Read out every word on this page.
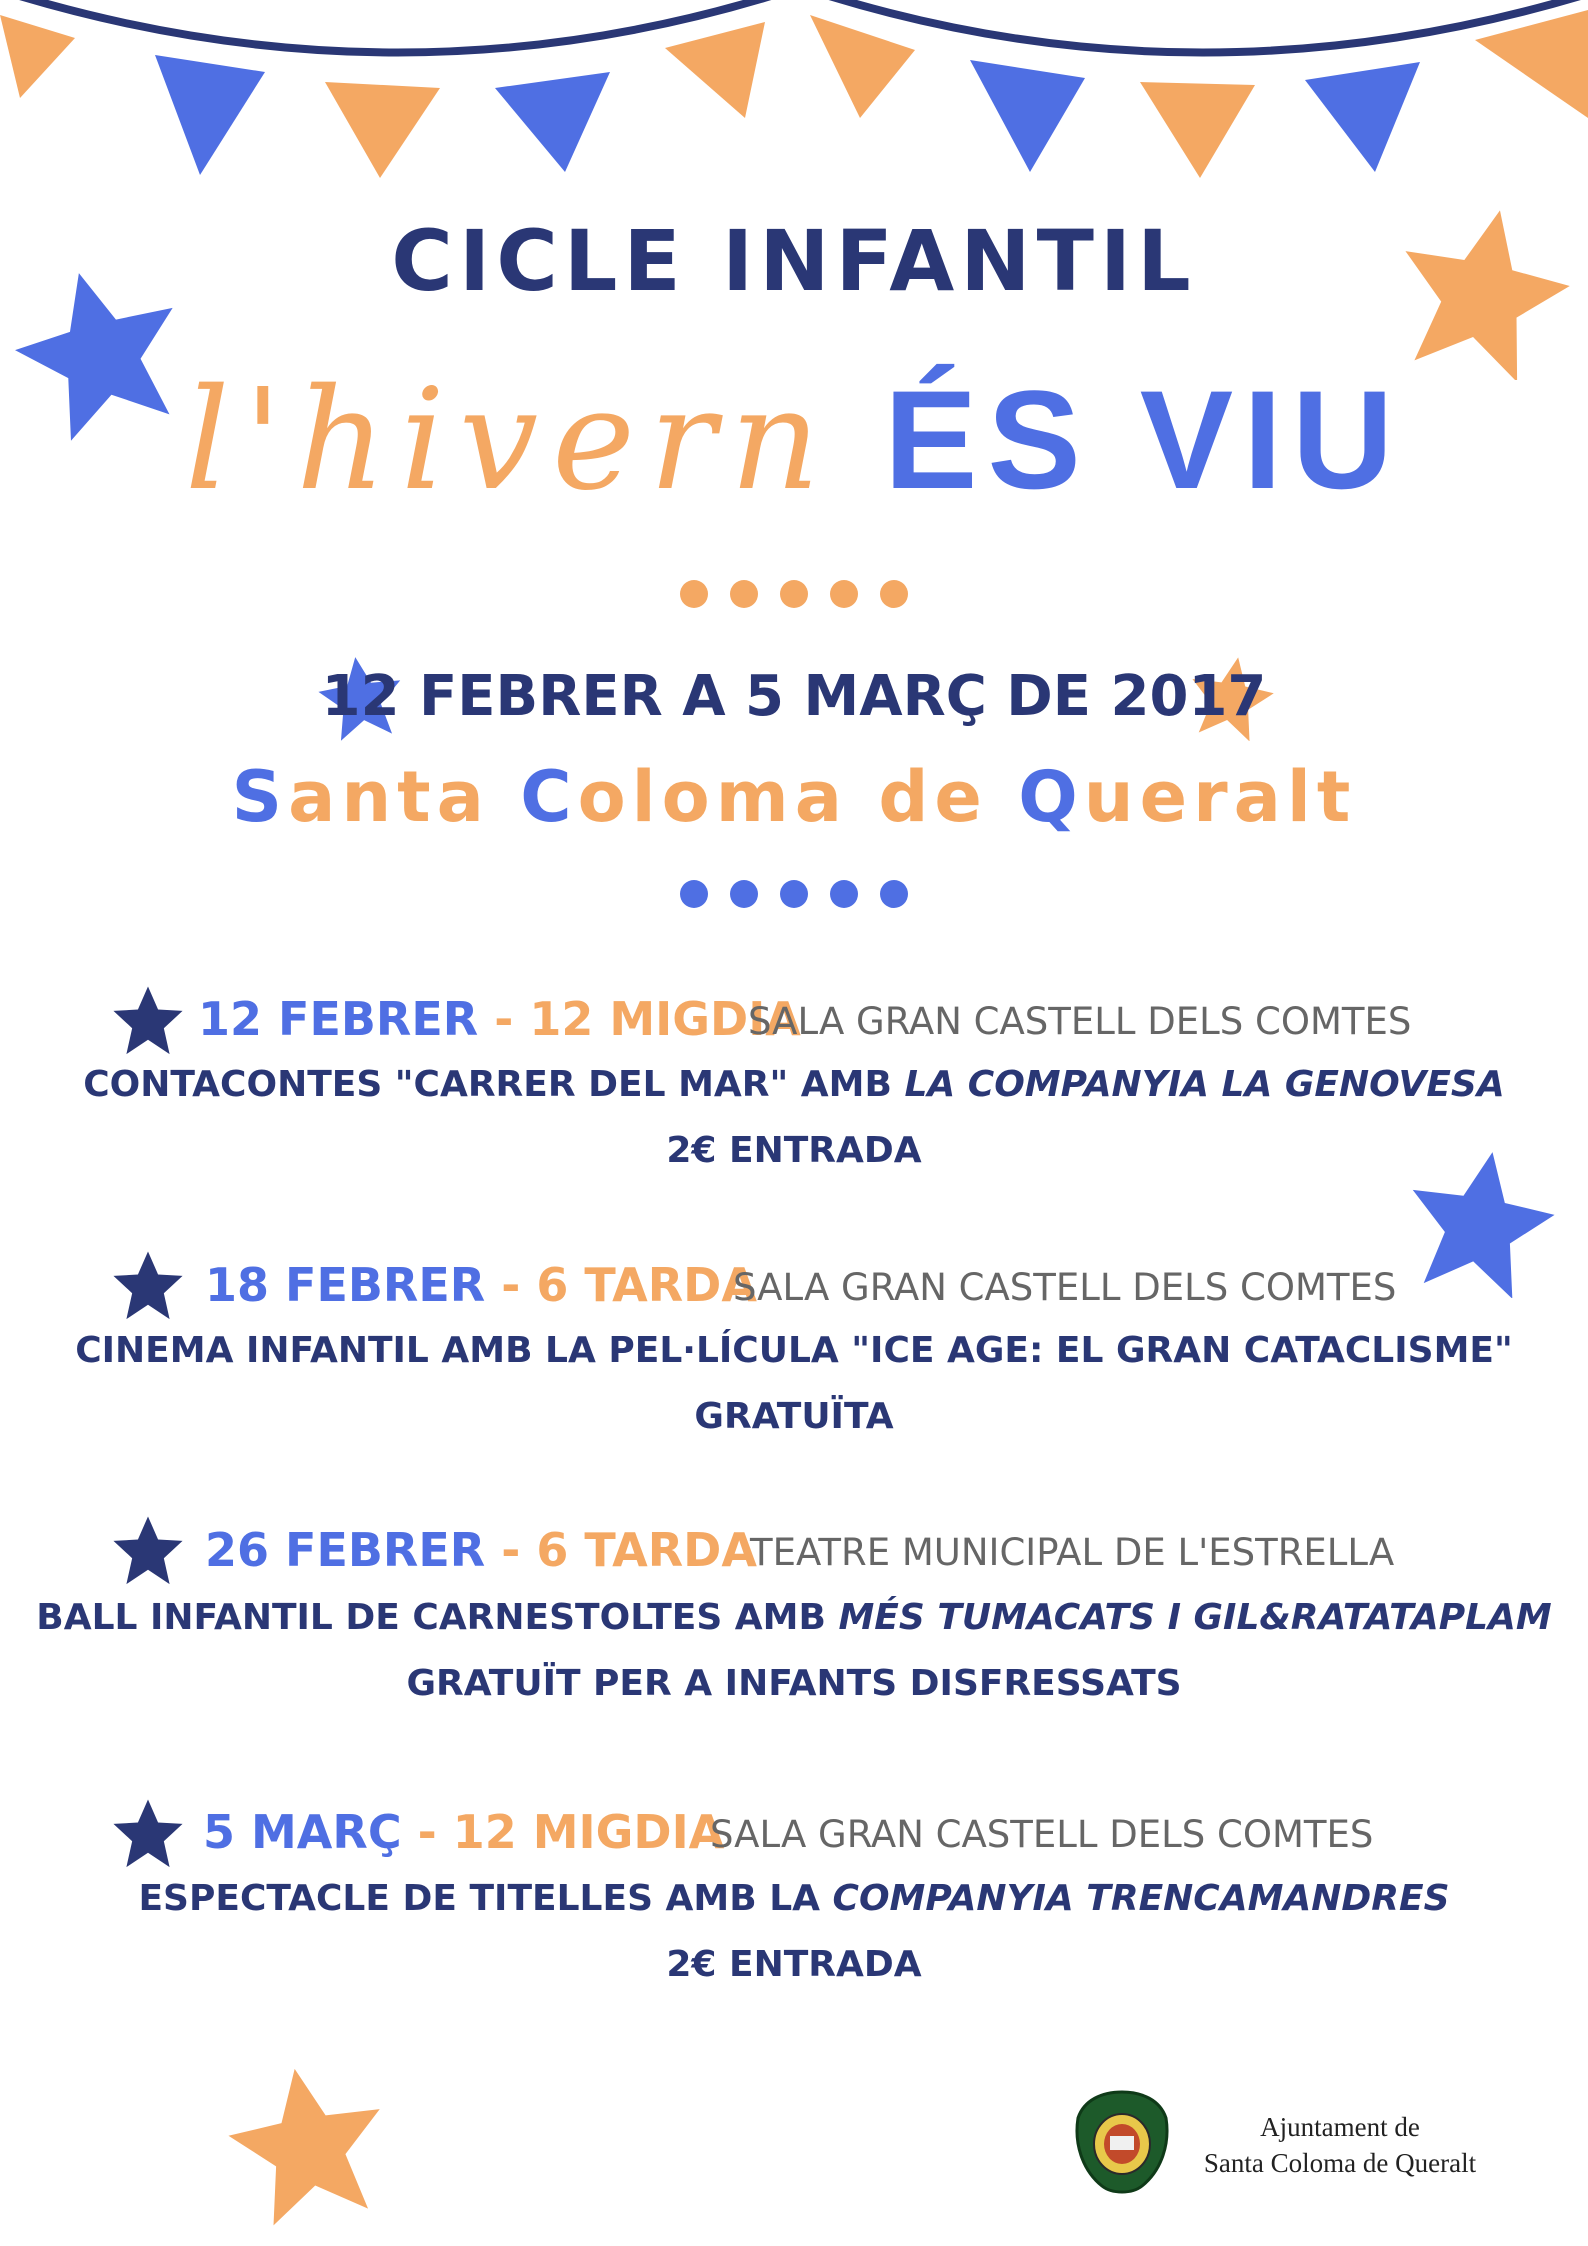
CICLE INFANTIL
l'hivern ÉS VIU
12 FEBRER A 5 MARÇ DE 2017
Santa Coloma de Queralt
12 FEBRER - 12 MIGDIA
SALA GRAN CASTELL DELS COMTES
CONTACONTES "CARRER DEL MAR" AMB LA COMPANYIA LA GENOVESA
2€ ENTRADA
18 FEBRER - 6 TARDA
SALA GRAN CASTELL DELS COMTES
CINEMA INFANTIL AMB LA PEL·LÍCULA "ICE AGE: EL GRAN CATACLISME"
GRATUÏTA
26 FEBRER - 6 TARDA
TEATRE MUNICIPAL DE L'ESTRELLA
BALL INFANTIL DE CARNESTOLTES AMB MÉS TUMACATS I GIL&RATATAPLAM
GRATUÏT PER A INFANTS DISFRESSATS
5 MARÇ - 12 MIGDIA
SALA GRAN CASTELL DELS COMTES
ESPECTACLE DE TITELLES AMB LA COMPANYIA TRENCAMANDRES
2€ ENTRADA
Ajuntament de
Santa Coloma de Queralt
